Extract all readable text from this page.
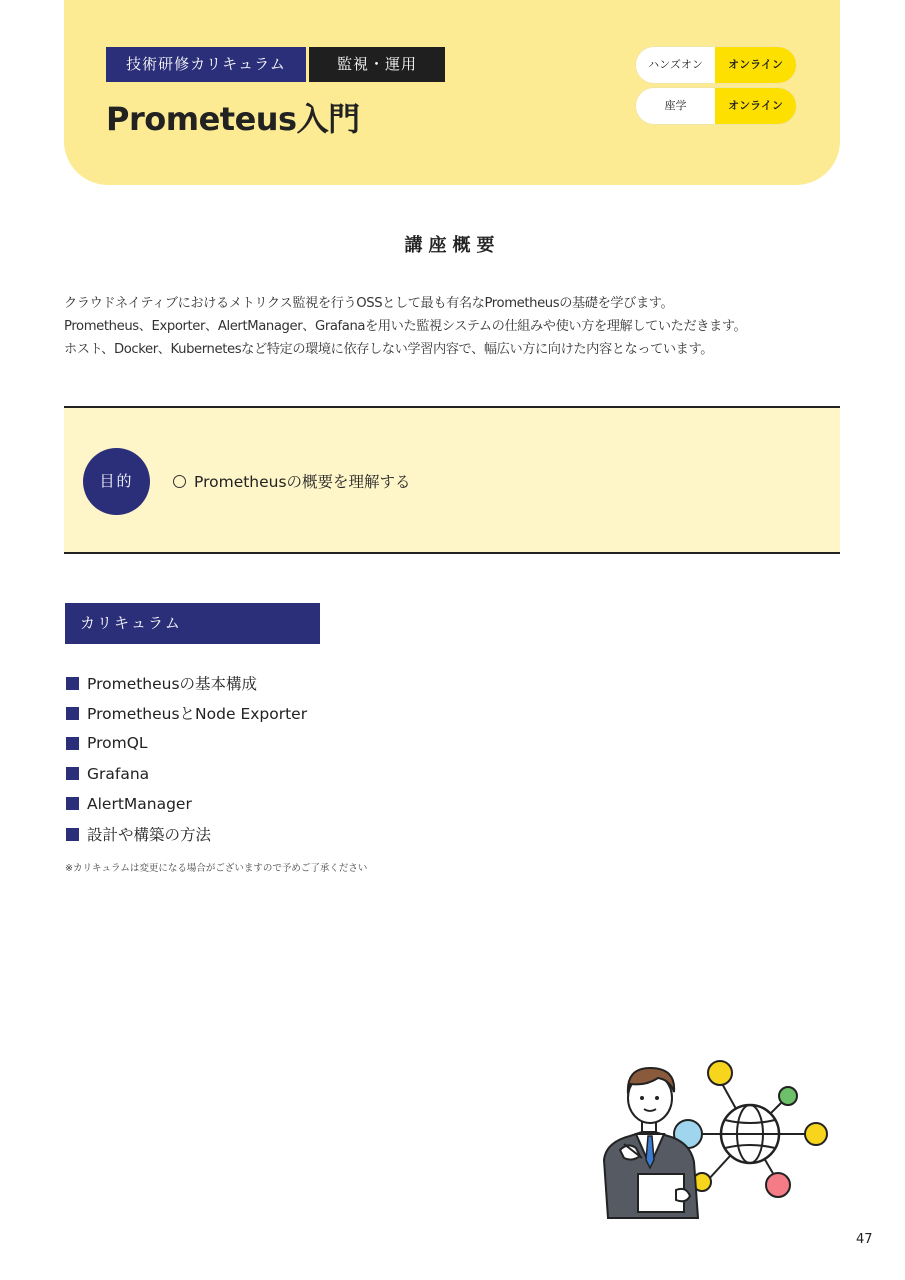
技術研修カリキュラム	監視・運用
Prometeus入門
ハンズオン	オンライン
座学	オンライン
講座概要
クラウドネイティブにおけるメトリクス監視を行うOSSとして最も有名なPrometheusの基礎を学びます。
Prometheus、Exporter、AlertManager、Grafanaを用いた監視システムの仕組みや使い方を理解していただきます。
ホスト、Docker、Kubernetesなど特定の環境に依存しない学習内容で、幅広い方に向けた内容となっています。
目的	Prometheusの概要を理解する
カリキュラム
Prometheusの基本構成
PrometheusとNode Exporter
PromQL
Grafana
AlertManager
設計や構築の方法
※カリキュラムは変更になる場合がございますので予めご了承ください
47
